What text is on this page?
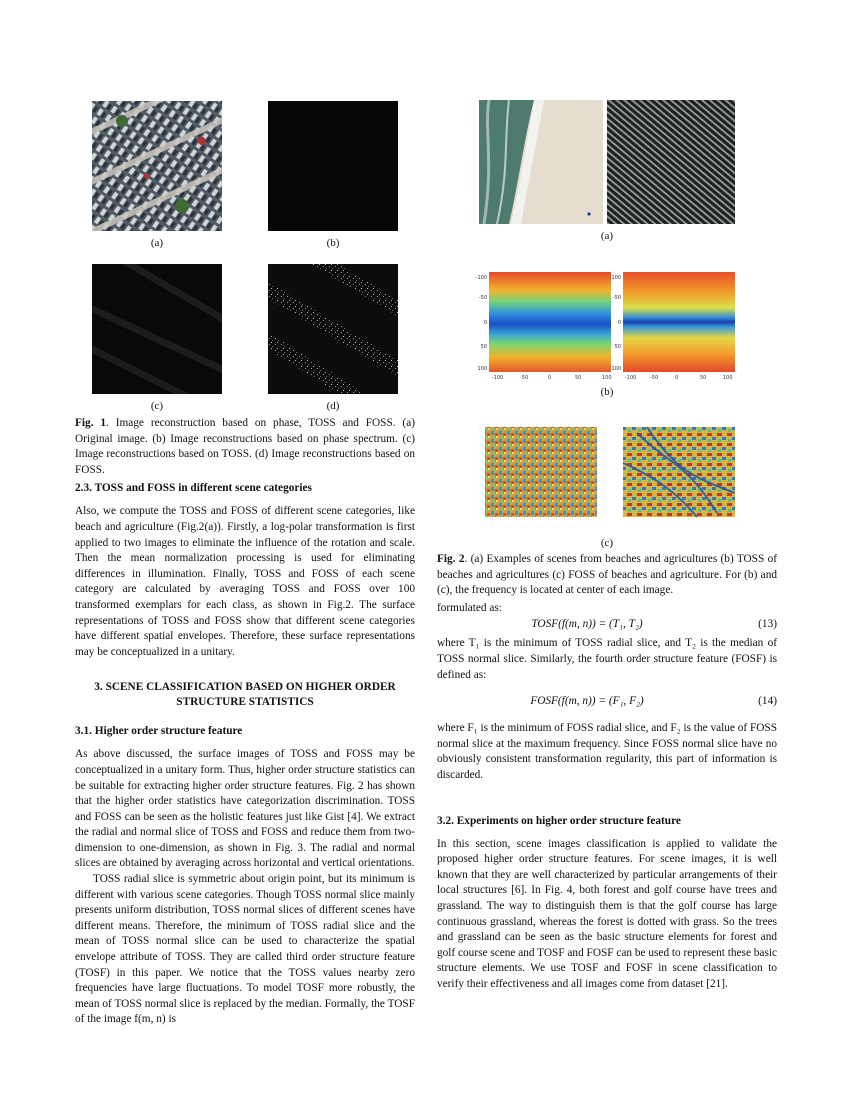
(a)	(b)
(c)	(d)
Fig. 1. Image reconstruction based on phase, TOSS and FOSS. (a) Original image. (b) Image reconstructions based on phase spectrum. (c) Image reconstructions based on TOSS. (d) Image reconstructions based on FOSS.
2.3. TOSS and FOSS in different scene categories

Also, we compute the TOSS and FOSS of different scene categories, like beach and agriculture (Fig.2(a)). Firstly, a log-polar transformation is first applied to two images to eliminate the influence of the rotation and scale. Then the mean normalization processing is used for eliminating differences in illumination. Finally, TOSS and FOSS of each scene category are calculated by averaging TOSS and FOSS over 100 transformed exemplars for each class, as shown in Fig.2. The surface representations of TOSS and FOSS show that different scene categories have different spatial envelopes. Therefore, these surface representations may be conceptualized in a unitary.

3. SCENE CLASSIFICATION BASED ON HIGHER ORDER STRUCTURE STATISTICS
3.1. Higher order structure feature

As above discussed, the surface images of TOSS and FOSS may be conceptualized in a unitary form. Thus, higher order structure statistics can be suitable for extracting higher order structure features. Fig. 2 has shown that the higher order statistics have categorization discrimination. TOSS and FOSS can be seen as the holistic features just like Gist [4]. We extract the radial and normal slice of TOSS and FOSS and reduce them from two-dimension to one-dimension, as shown in Fig. 3. The radial and normal slices are obtained by averaging across horizontal and vertical orientations.

TOSS radial slice is symmetric about origin point, but its minimum is different with various scene categories. Though TOSS normal slice mainly presents uniform distribution, TOSS normal slices of different scenes have different means. Therefore, the minimum of TOSS radial slice and the mean of TOSS normal slice can be used to characterize the spatial envelope attribute of TOSS. They are called third order structure feature (TOSF) in this paper. We notice that the TOSS values nearby zero frequencies have large fluctuations. To model TOSF more robustly, the mean of TOSS normal slice is replaced by the median. Formally, the TOSF of the image f(m, n) is

(a)
-100
-50
0
50
100
-100	-50	0	50	100
-100
-50
0
50
100
-100	-50	0	50	100
(b)
(c)
Fig. 2. (a) Examples of scenes from beaches and agricultures (b) TOSS of beaches and agricultures (c) FOSS of beaches and agriculture. For (b) and (c), the frequency is located at center of each image.

formulated as:

TOSF(f(m, n)) = (T₁, T₂)	(13)

where T₁ is the minimum of TOSS radial slice, and T₂ is the median of TOSS normal slice. Similarly, the fourth order structure feature (FOSF) is defined as:

FOSF(f(m, n)) = (F₁, F₂)	(14)

where F₁ is the minimum of FOSS radial slice, and F₂ is the value of FOSS normal slice at the maximum frequency. Since FOSS normal slice have no obviously consistent transformation regularity, this part of information is discarded.

3.2. Experiments on higher order structure feature

In this section, scene images classification is applied to validate the proposed higher order structure features. For scene images, it is well known that they are well characterized by particular arrangements of their local structures [6]. In Fig. 4, both forest and golf course have trees and grassland. The way to distinguish them is that the golf course has large continuous grassland, whereas the forest is dotted with grass. So the trees and grassland can be seen as the basic structure elements for forest and golf course scene and TOSF and FOSF can be used to represent these basic structure elements. We use TOSF and FOSF in scene classification to verify their effectiveness and all images come from dataset [21].
